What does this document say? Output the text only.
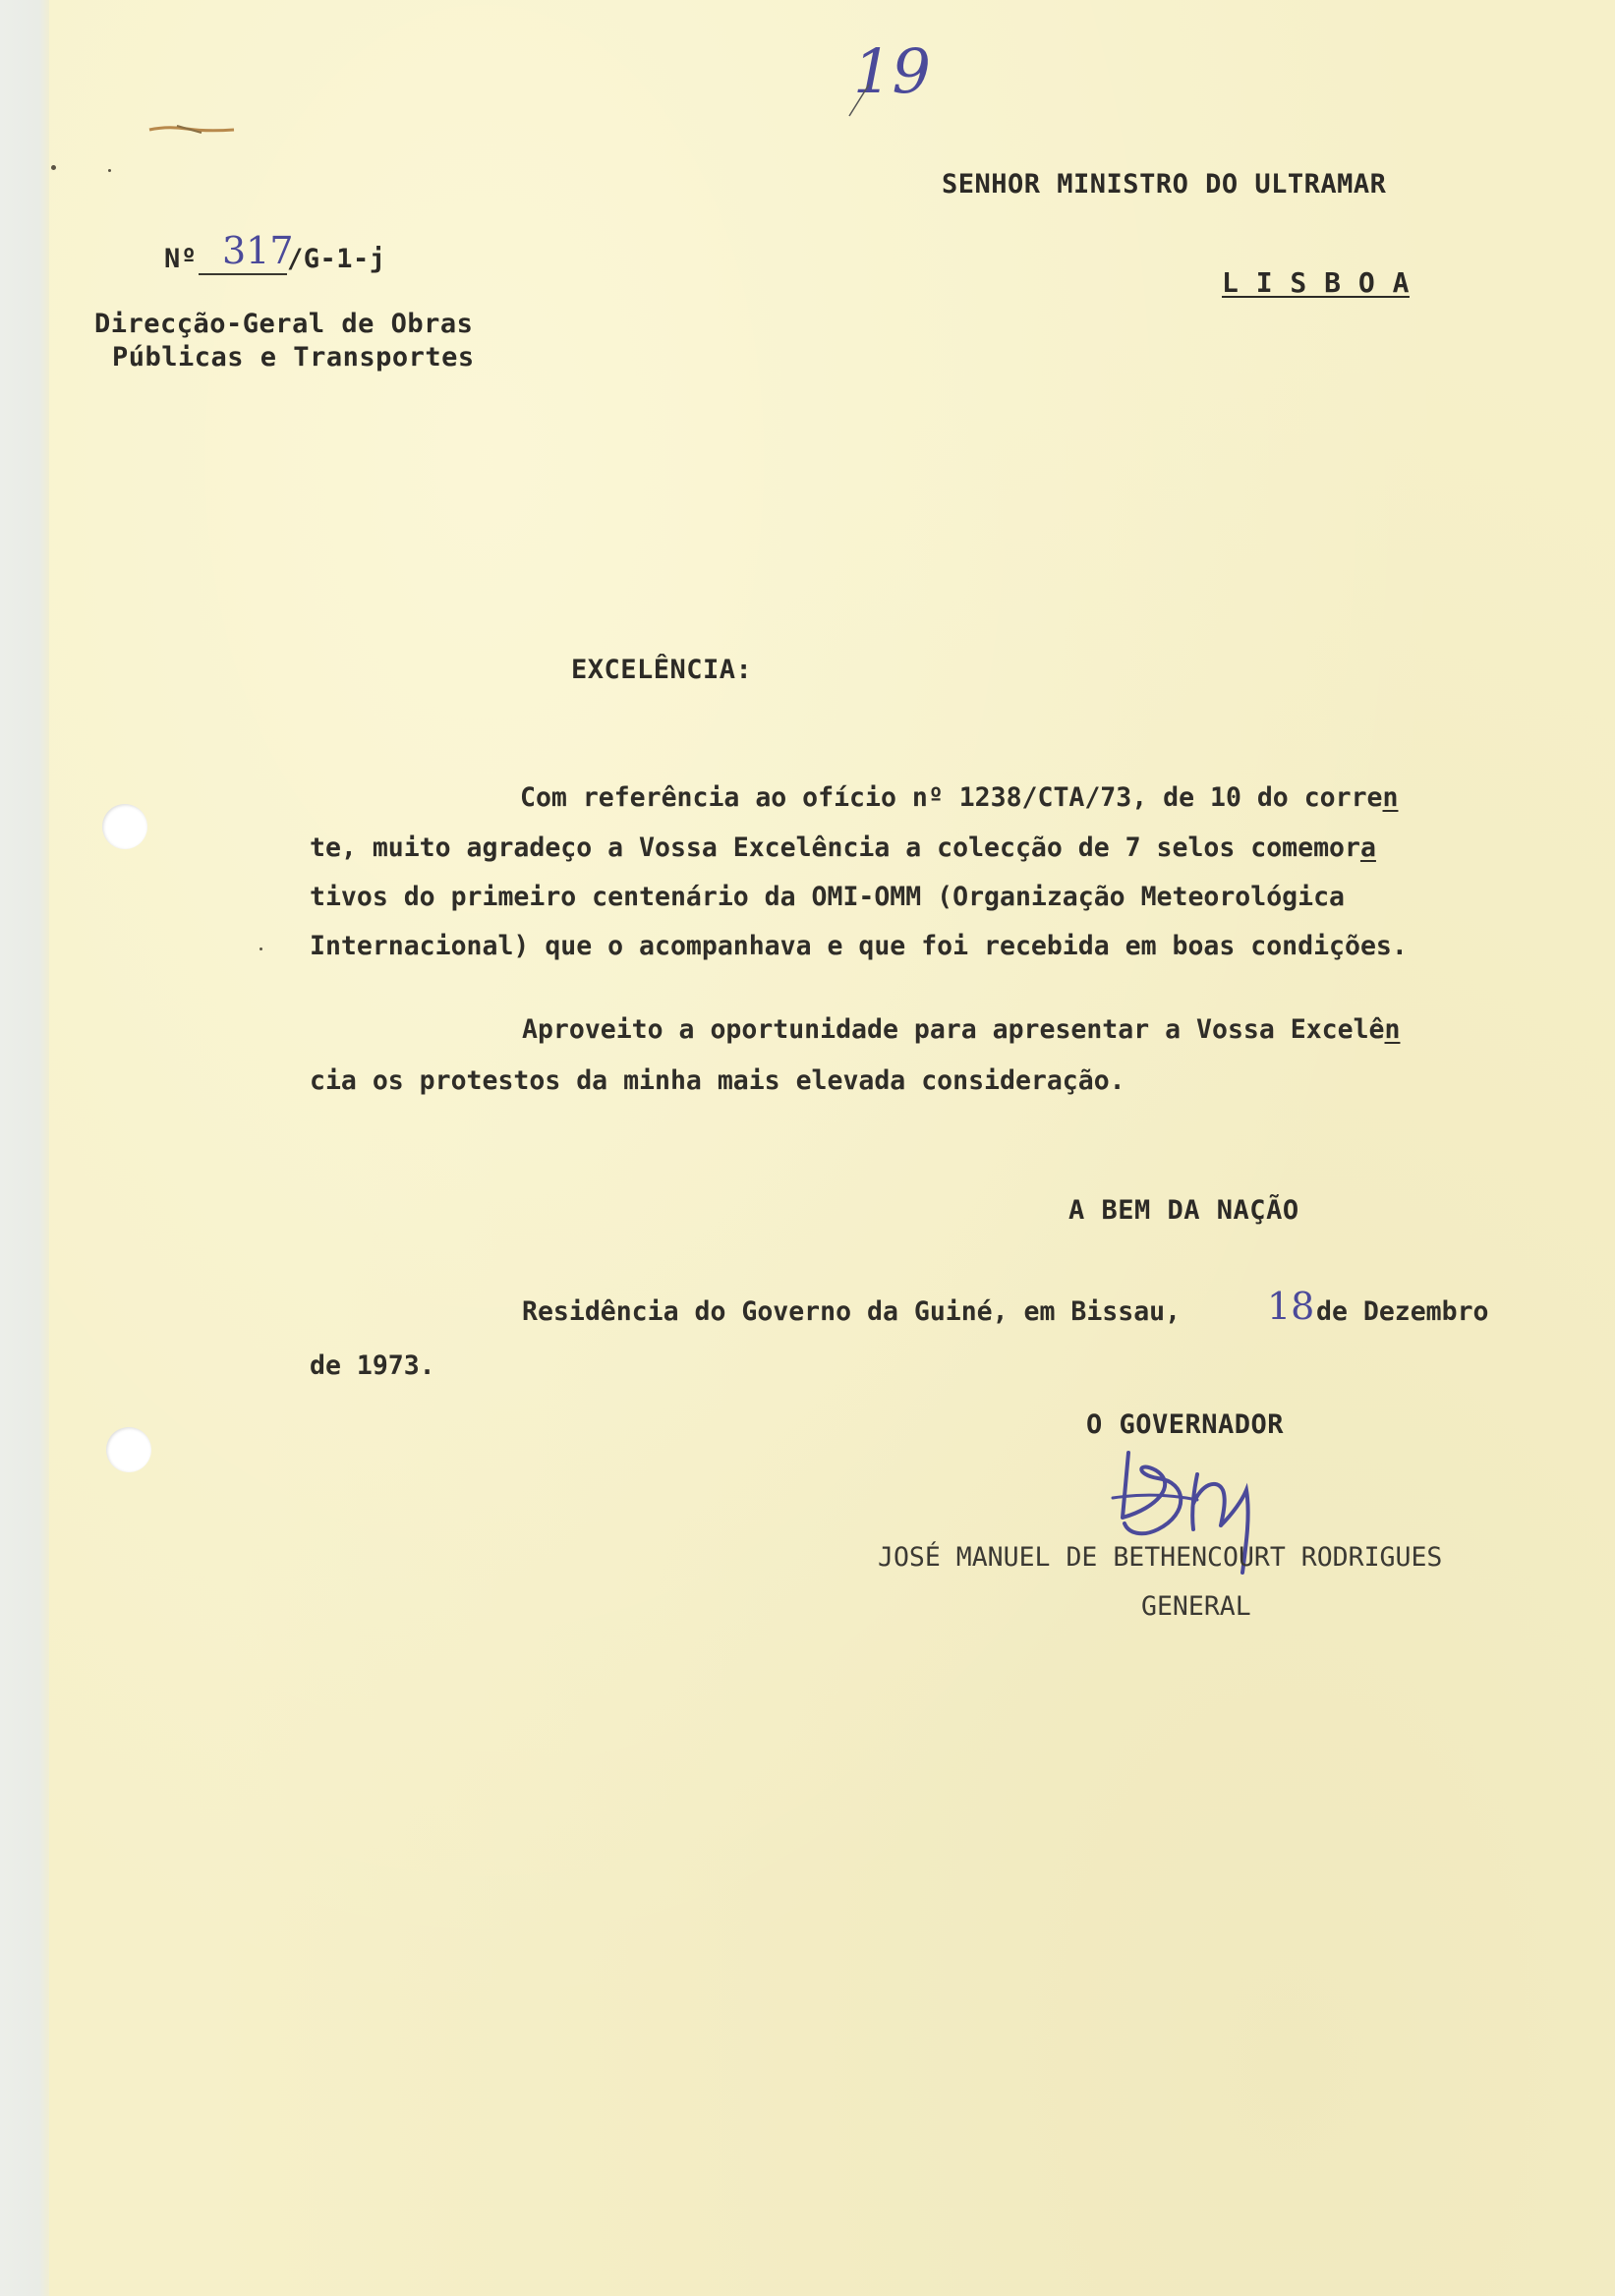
19
SENHOR MINISTRO DO ULTRAMAR
L I S B O A
Nº 317
/G-1-j
Direcção-Geral de Obras
Públicas e Transportes
EXCELÊNCIA:
Com referência ao ofício nº 1238/CTA/73, de 10 do corren
te, muito agradeço a Vossa Excelência a colecção de 7 selos comemora
tivos do primeiro centenário da OMI-OMM (Organização Meteorológica
Internacional) que o acompanhava e que foi recebida em boas condições.
Aproveito a oportunidade para apresentar a Vossa Excelên
cia os protestos da minha mais elevada consideração.
A BEM DA NAÇÃO
Residência do Governo da Guiné, em Bissau, 18 de Dezembro
de 1973.
O GOVERNADOR
JOSÉ MANUEL DE BETHENCOURT RODRIGUES
GENERAL
